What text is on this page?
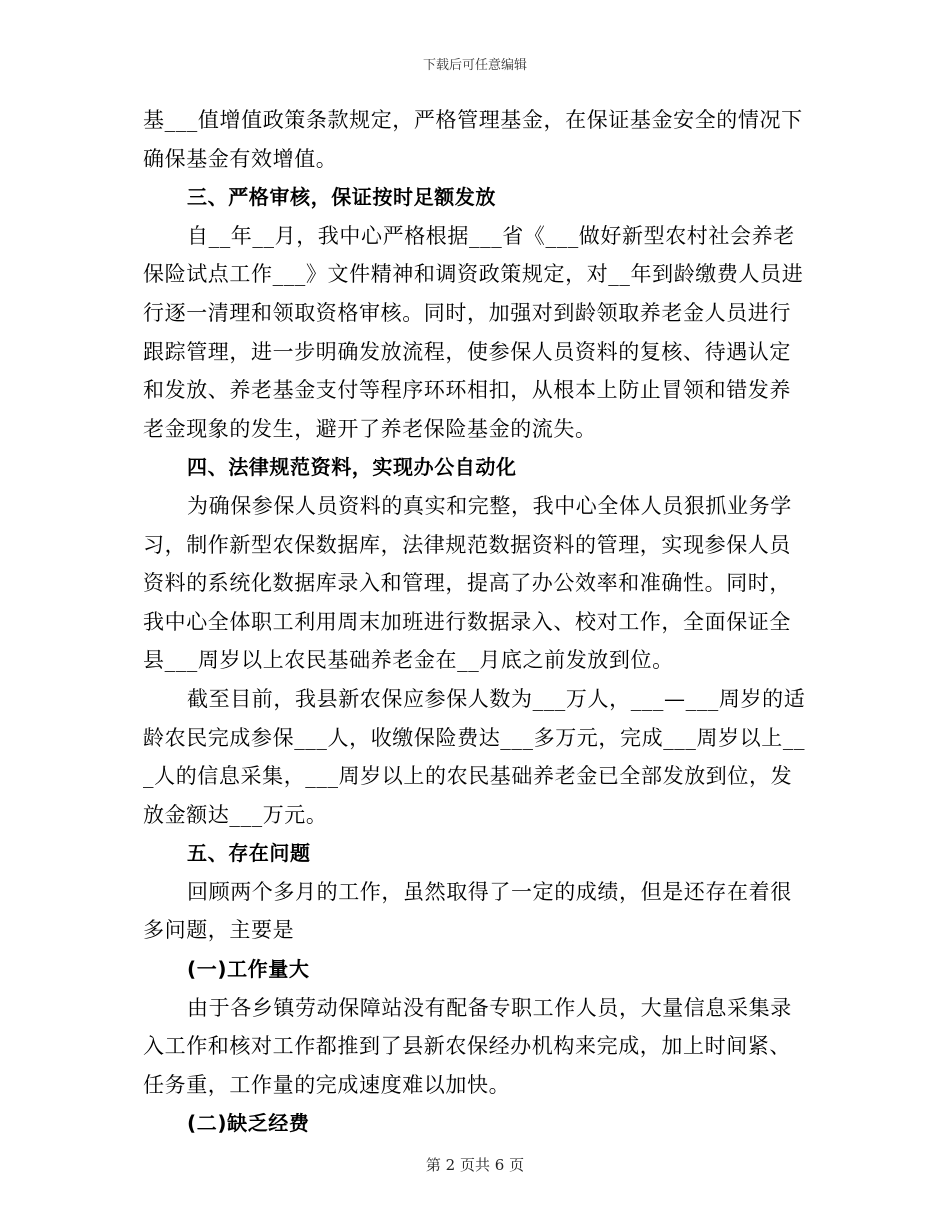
下载后可任意编辑
基___值增值政策条款规定，严格管理基金，在保证基金安全的情况下
确保基金有效增值。
三、严格审核，保证按时足额发放
自__年__月，我中心严格根据___省《___做好新型农村社会养老
保险试点工作___》文件精神和调资政策规定，对__年到龄缴费人员进
行逐一清理和领取资格审核。同时，加强对到龄领取养老金人员进行
跟踪管理，进一步明确发放流程，使参保人员资料的复核、待遇认定
和发放、养老基金支付等程序环环相扣，从根本上防止冒领和错发养
老金现象的发生，避开了养老保险基金的流失。
四、法律规范资料，实现办公自动化
为确保参保人员资料的真实和完整，我中心全体人员狠抓业务学
习，制作新型农保数据库，法律规范数据资料的管理，实现参保人员
资料的系统化数据库录入和管理，提高了办公效率和准确性。同时，
我中心全体职工利用周末加班进行数据录入、校对工作，全面保证全
县___周岁以上农民基础养老金在__月底之前发放到位。
截至目前，我县新农保应参保人数为___万人，___—___周岁的适
龄农民完成参保___人，收缴保险费达___多万元，完成___周岁以上__
_人的信息采集，___周岁以上的农民基础养老金已全部发放到位，发
放金额达___万元。
五、存在问题
回顾两个多月的工作，虽然取得了一定的成绩，但是还存在着很
多问题，主要是
(一)工作量大
由于各乡镇劳动保障站没有配备专职工作人员，大量信息采集录
入工作和核对工作都推到了县新农保经办机构来完成，加上时间紧、
任务重，工作量的完成速度难以加快。
(二)缺乏经费
第 2 页共 6 页
